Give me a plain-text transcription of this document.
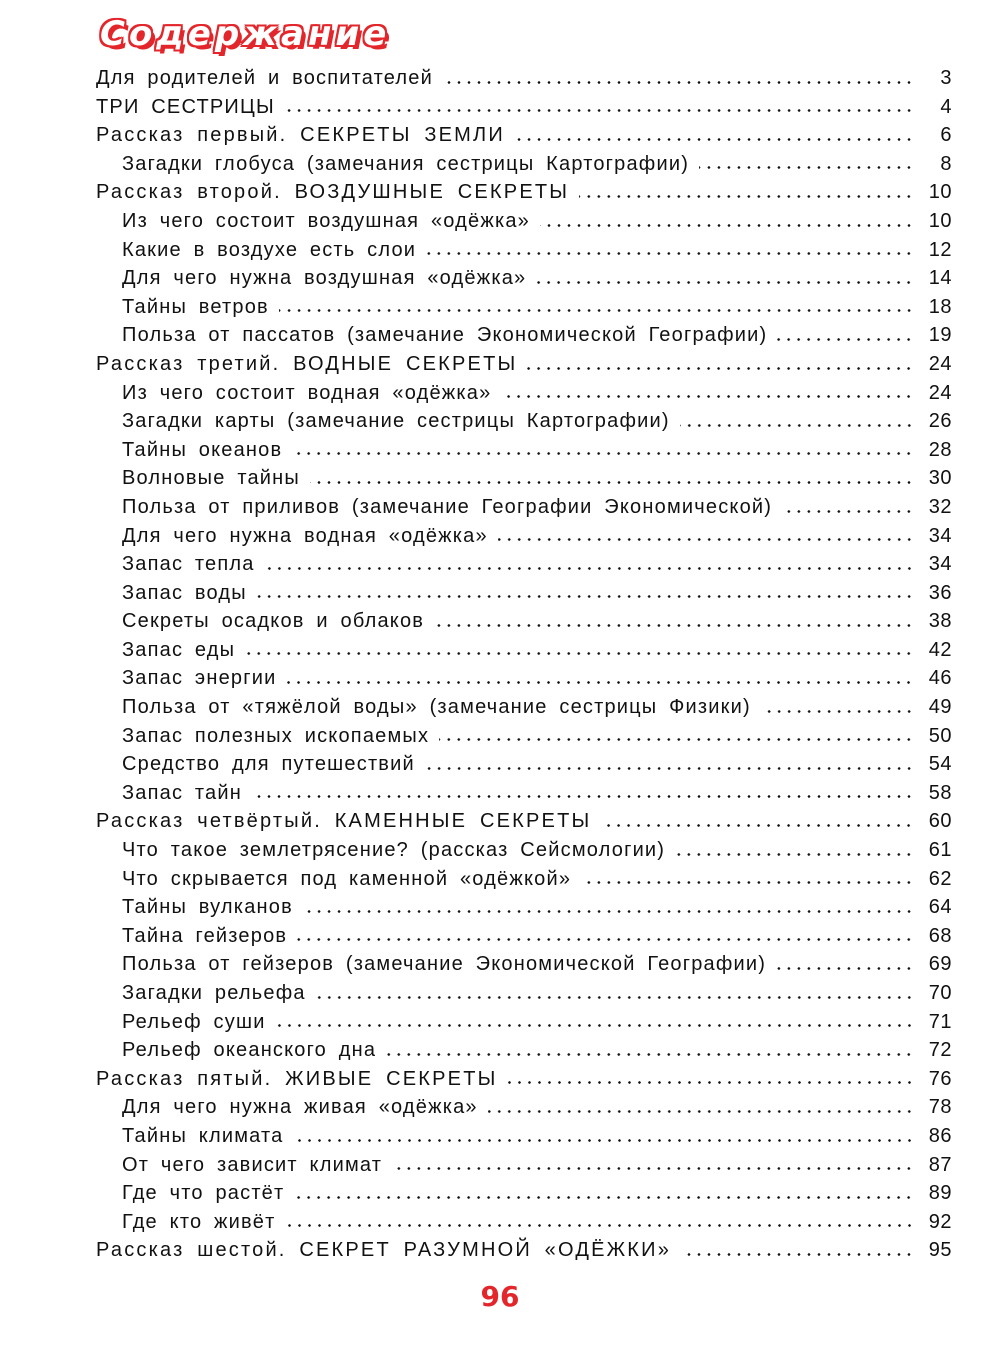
Содержание
Для родителей и воспитателей	3
ТРИ СЕСТРИЦЫ	4
Рассказ первый. СЕКРЕТЫ ЗЕМЛИ	6
Загадки глобуса (замечания сестрицы Картографии)	8
Рассказ второй. ВОЗДУШНЫЕ СЕКРЕТЫ	10
Из чего состоит воздушная «одёжка»	10
Какие в воздухе есть слои	12
Для чего нужна воздушная «одёжка»	14
Тайны ветров	18
Польза от пассатов (замечание Экономической Географии)	19
Рассказ третий. ВОДНЫЕ СЕКРЕТЫ	24
Из чего состоит водная «одёжка»	24
Загадки карты (замечание сестрицы Картографии)	26
Тайны океанов	28
Волновые тайны	30
Польза от приливов (замечание Географии Экономической)	32
Для чего нужна водная «одёжка»	34
Запас тепла	34
Запас воды	36
Секреты осадков и облаков	38
Запас еды	42
Запас энергии	46
Польза от «тяжёлой воды» (замечание сестрицы Физики)	49
Запас полезных ископаемых	50
Средство для путешествий	54
Запас тайн	58
Рассказ четвёртый. КАМЕННЫЕ СЕКРЕТЫ	60
Что такое землетрясение? (рассказ Сейсмологии)	61
Что скрывается под каменной «одёжкой»	62
Тайны вулканов	64
Тайна гейзеров	68
Польза от гейзеров (замечание Экономической Географии)	69
Загадки рельефа	70
Рельеф суши	71
Рельеф океанского дна	72
Рассказ пятый. ЖИВЫЕ СЕКРЕТЫ	76
Для чего нужна живая «одёжка»	78
Тайны климата	86
От чего зависит климат	87
Где что растёт	89
Где кто живёт	92
Рассказ шестой. СЕКРЕТ РАЗУМНОЙ «ОДЁЖКИ»	95
96
